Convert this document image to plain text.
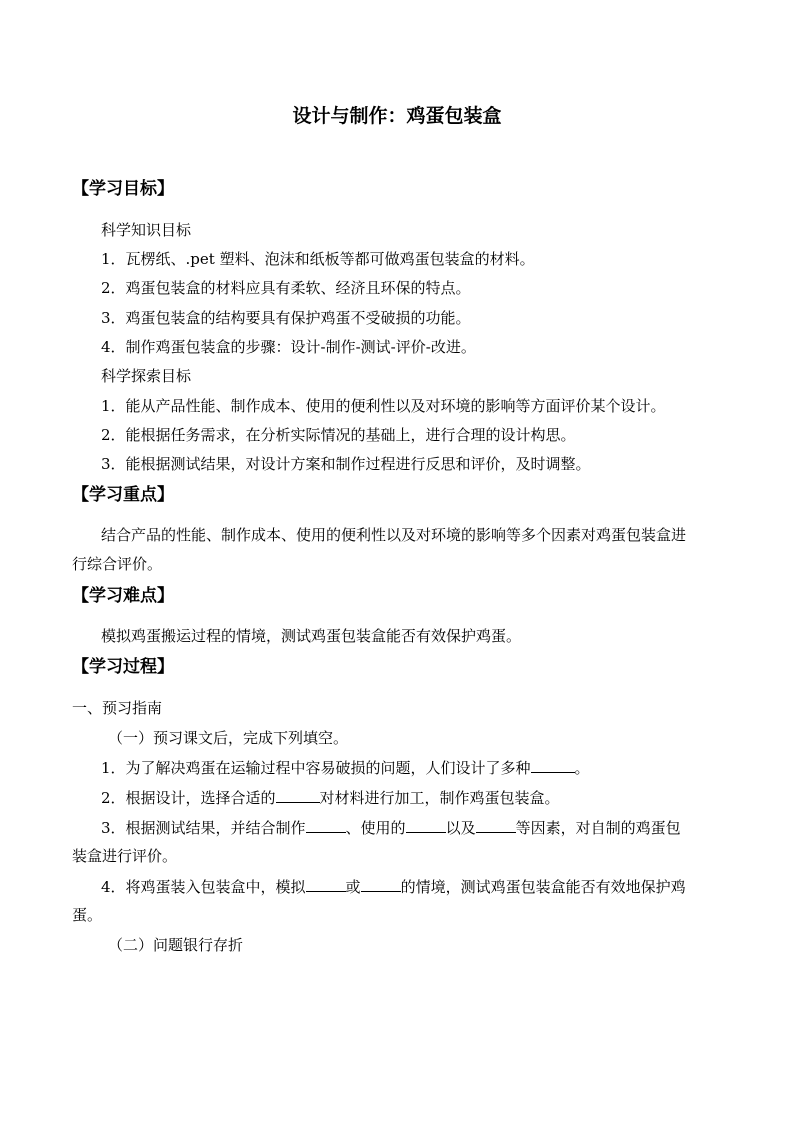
设计与制作：鸡蛋包装盒
【学习目标】
科学知识目标
1．瓦楞纸、.pet 塑料、泡沫和纸板等都可做鸡蛋包装盒的材料。
2．鸡蛋包装盒的材料应具有柔软、经济且环保的特点。
3．鸡蛋包装盒的结构要具有保护鸡蛋不受破损的功能。
4．制作鸡蛋包装盒的步骤：设计-制作-测试-评价-改进。
科学探索目标
1．能从产品性能、制作成本、使用的便利性以及对环境的影响等方面评价某个设计。
2．能根据任务需求，在分析实际情况的基础上，进行合理的设计构思。
3．能根据测试结果，对设计方案和制作过程进行反思和评价，及时调整。
【学习重点】
结合产品的性能、制作成本、使用的便利性以及对环境的影响等多个因素对鸡蛋包装盒进
行综合评价。
【学习难点】
模拟鸡蛋搬运过程的情境，测试鸡蛋包装盒能否有效保护鸡蛋。
【学习过程】
一、预习指南
（一）预习课文后，完成下列填空。
1．为了解决鸡蛋在运输过程中容易破损的问题，人们设计了多种	。
2．根据设计，选择合适的	对材料进行加工，制作鸡蛋包装盒。
3．根据测试结果，并结合制作	、使用的	以及	等因素，对自制的鸡蛋包
装盒进行评价。
4．将鸡蛋装入包装盒中，模拟	或	的情境，测试鸡蛋包装盒能否有效地保护鸡
蛋。
（二）问题银行存折
